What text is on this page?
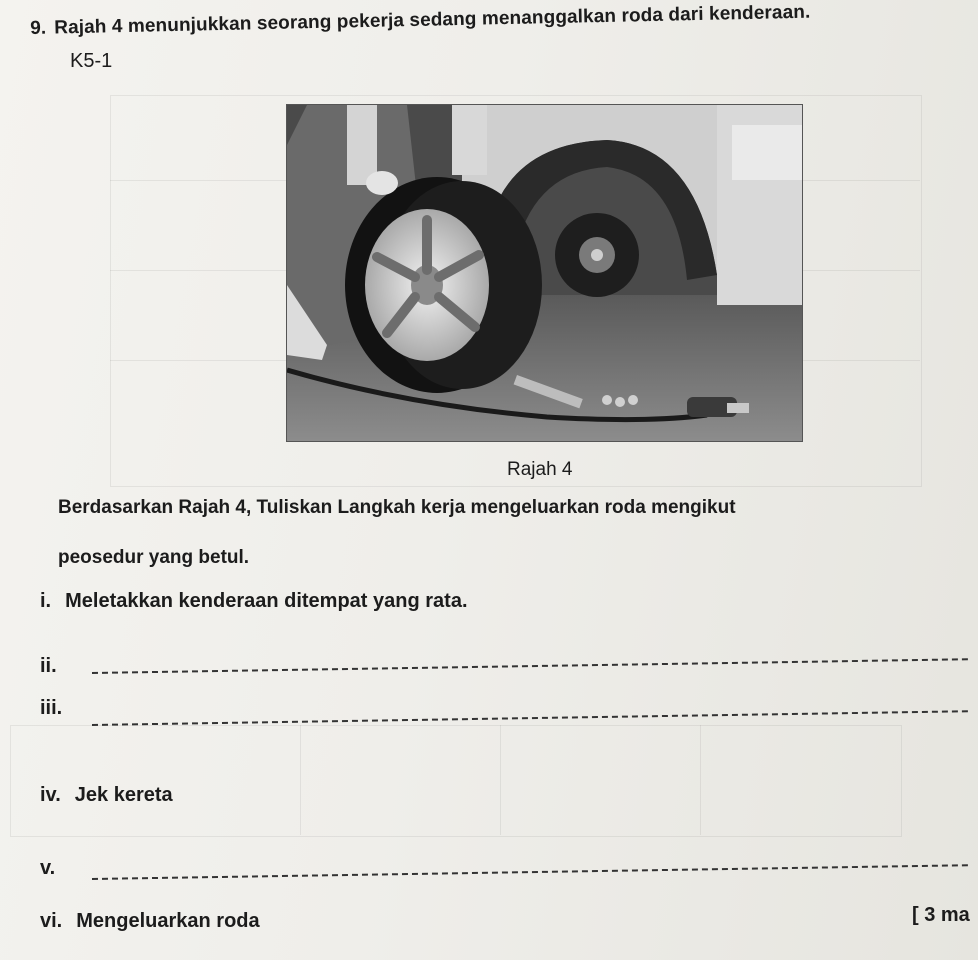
9. Rajah 4 menunjukkan seorang pekerja sedang menanggalkan roda dari kenderaan.
K5-1
Rajah 4
Berdasarkan Rajah 4, Tuliskan Langkah kerja mengeluarkan roda mengikut
peosedur yang betul.
i. Meletakkan kenderaan ditempat yang rata.
ii.
iii.
iv. Jek kereta
v.
vi. Mengeluarkan roda	[ 3 ma
